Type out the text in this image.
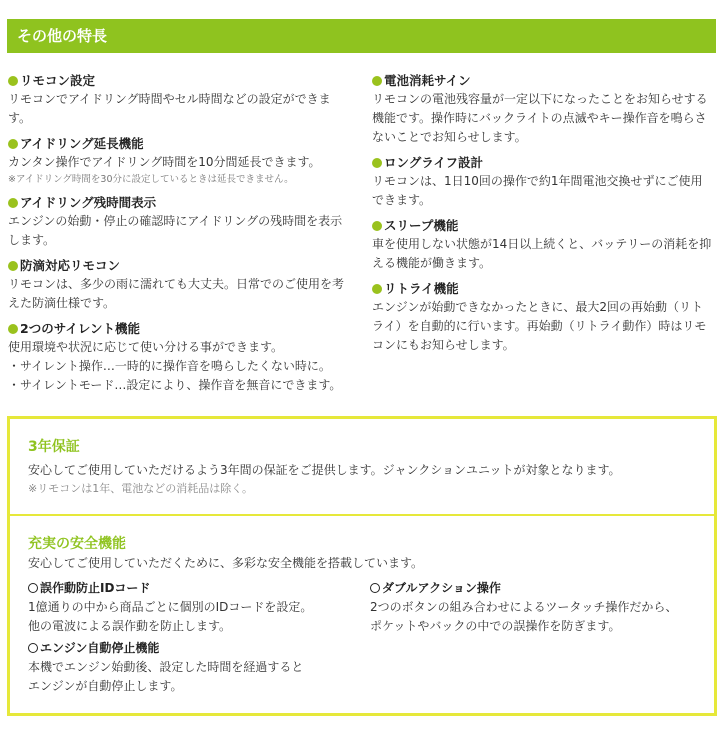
その他の特長
リモコン設定

リモコンでアイドリング時間やセル時間などの設定ができま

す。

アイドリング延長機能

カンタン操作でアイドリング時間を10分間延長できます。

※アイドリング時間を30分に設定しているときは延長できません。
アイドリング残時間表示

エンジンの始動・停止の確認時にアイドリングの残時間を表示

します。

防滴対応リモコン

リモコンは、多少の雨に濡れても大丈夫。日常でのご使用を考

えた防滴仕様です。

2つのサイレント機能

使用環境や状況に応じて使い分ける事ができます。

・サイレント操作…一時的に操作音を鳴らしたくない時に。

・サイレントモード…設定により、操作音を無音にできます。

電池消耗サイン

リモコンの電池残容量が一定以下になったことをお知らせする

機能です。操作時にバックライトの点滅やキー操作音を鳴らさ

ないことでお知らせします。

ロングライフ設計

リモコンは、1日10回の操作で約1年間電池交換せずにご使用

できます。

スリープ機能

車を使用しない状態が14日以上続くと、バッテリーの消耗を抑

える機能が働きます。

リトライ機能

エンジンが始動できなかったときに、最大2回の再始動（リト

ライ）を自動的に行います。再始動（リトライ動作）時はリモ

コンにもお知らせします。

3年保証

安心してご使用していただけるよう3年間の保証をご提供します。ジャンクションユニットが対象となります。

※リモコンは1年、電池などの消耗品は除く。
充実の安全機能

安心してご使用していただくために、多彩な安全機能を搭載しています。

誤作動防止IDコード

1億通りの中から商品ごとに個別のIDコードを設定。

他の電波による誤作動を防止します。

ダブルアクション操作

2つのボタンの組み合わせによるツータッチ操作だから、

ポケットやバックの中での誤操作を防ぎます。

エンジン自動停止機能

本機でエンジン始動後、設定した時間を経過すると

エンジンが自動停止します。
